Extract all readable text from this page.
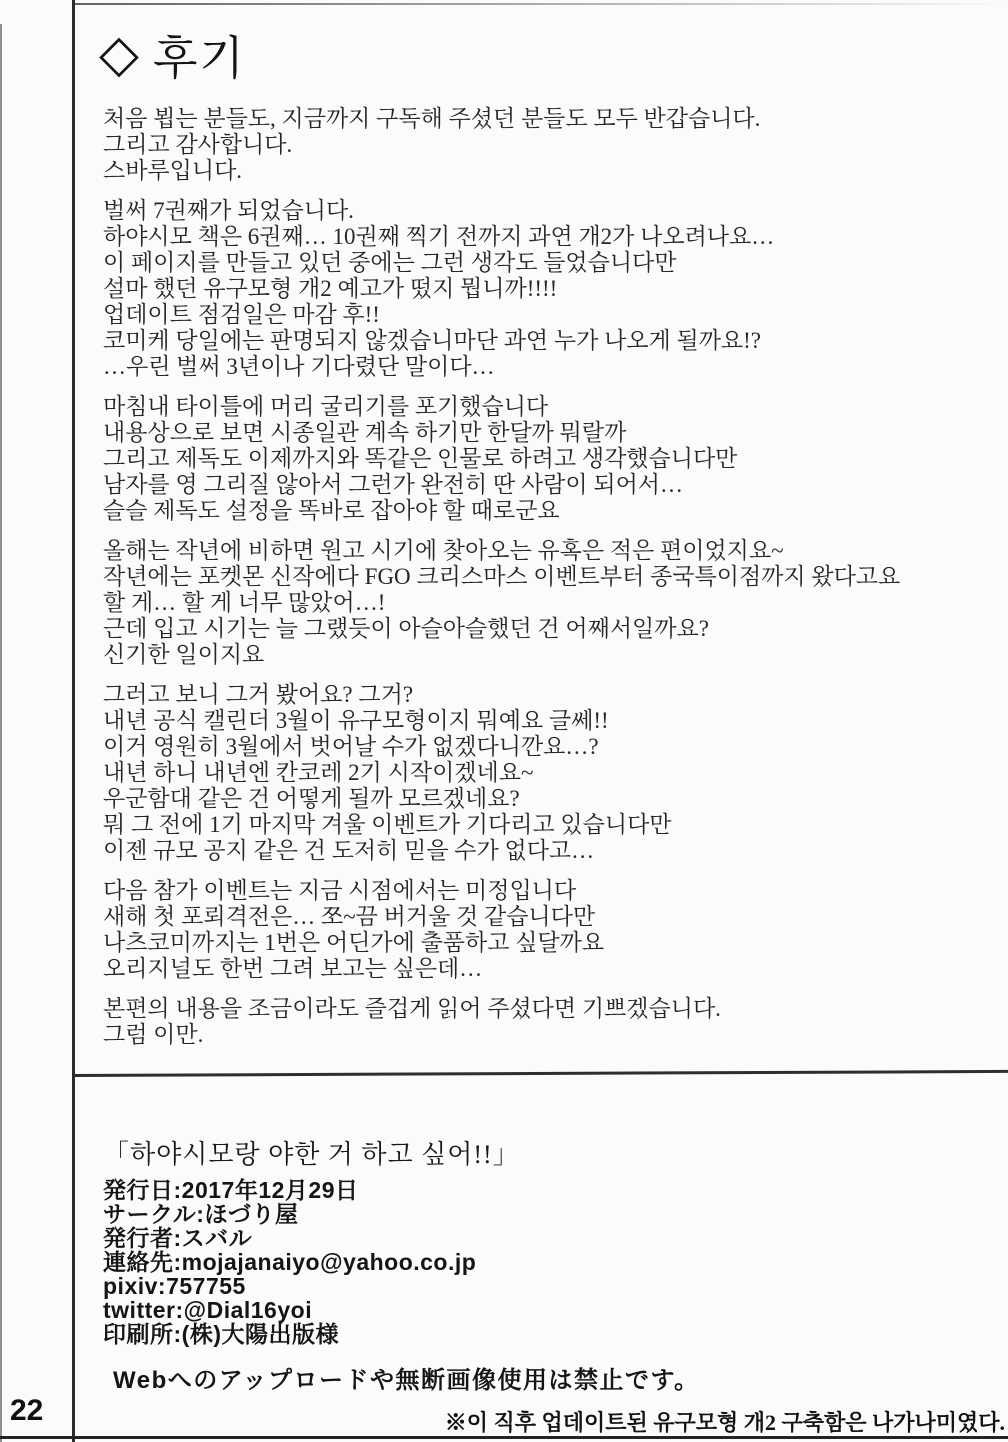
◇ 후기

처음 뵙는 분들도, 지금까지 구독해 주셨던 분들도 모두 반갑습니다.
그리고 감사합니다.
스바루입니다.

벌써 7권째가 되었습니다.
하야시모 책은 6권째… 10권째 찍기 전까지 과연 개2가 나오려나요…
이 페이지를 만들고 있던 중에는 그런 생각도 들었습니다만
설마 했던 유구모형 개2 예고가 떴지 뭡니까!!!!
업데이트 점검일은 마감 후!!
코미케 당일에는 판명되지 않겠습니마단 과연 누가 나오게 될까요!?
…우린 벌써 3년이나 기다렸단 말이다…

마침내 타이틀에 머리 굴리기를 포기했습니다
내용상으로 보면 시종일관 계속 하기만 한달까 뭐랄까
그리고 제독도 이제까지와 똑같은 인물로 하려고 생각했습니다만
남자를 영 그리질 않아서 그런가 완전히 딴 사람이 되어서…
슬슬 제독도 설정을 똑바로 잡아야 할 때로군요

올해는 작년에 비하면 원고 시기에 찾아오는 유혹은 적은 편이었지요~
작년에는 포켓몬 신작에다 FGO 크리스마스 이벤트부터 종국특이점까지 왔다고요
할 게… 할 게 너무 많았어…!
근데 입고 시기는 늘 그랬듯이 아슬아슬했던 건 어째서일까요?
신기한 일이지요

그러고 보니 그거 봤어요? 그거?
내년 공식 캘린더 3월이 유구모형이지 뭐예요 글쎄!!
이거 영원히 3월에서 벗어날 수가 없겠다니깐요…?
내년 하니 내년엔 칸코레 2기 시작이겠네요~
우군함대 같은 건 어떻게 될까 모르겠네요?
뭐 그 전에 1기 마지막 겨울 이벤트가 기다리고 있습니다만
이젠 규모 공지 같은 건 도저히 믿을 수가 없다고…

다음 참가 이벤트는 지금 시점에서는 미정입니다
새해 첫 포뢰격전은… 쪼~끔 버거울 것 같습니다만
나츠코미까지는 1번은 어딘가에 출품하고 싶달까요
오리지널도 한번 그려 보고는 싶은데…

본편의 내용을 조금이라도 즐겁게 읽어 주셨다면 기쁘겠습니다.
그럼 이만.

「하야시모랑 야한 거 하고 싶어!!」
発行日:2017年12月29日
サークル:ほづり屋
発行者:スバル
連絡先:mojajanaiyo@yahoo.co.jp
pixiv:757755
twitter:@Dial16yoi
印刷所:(株)大陽出版様
Webへのアップロードや無断画像使用は禁止です。
22	※이 직후 업데이트된 유구모형 개2 구축함은 나가나미였다.
